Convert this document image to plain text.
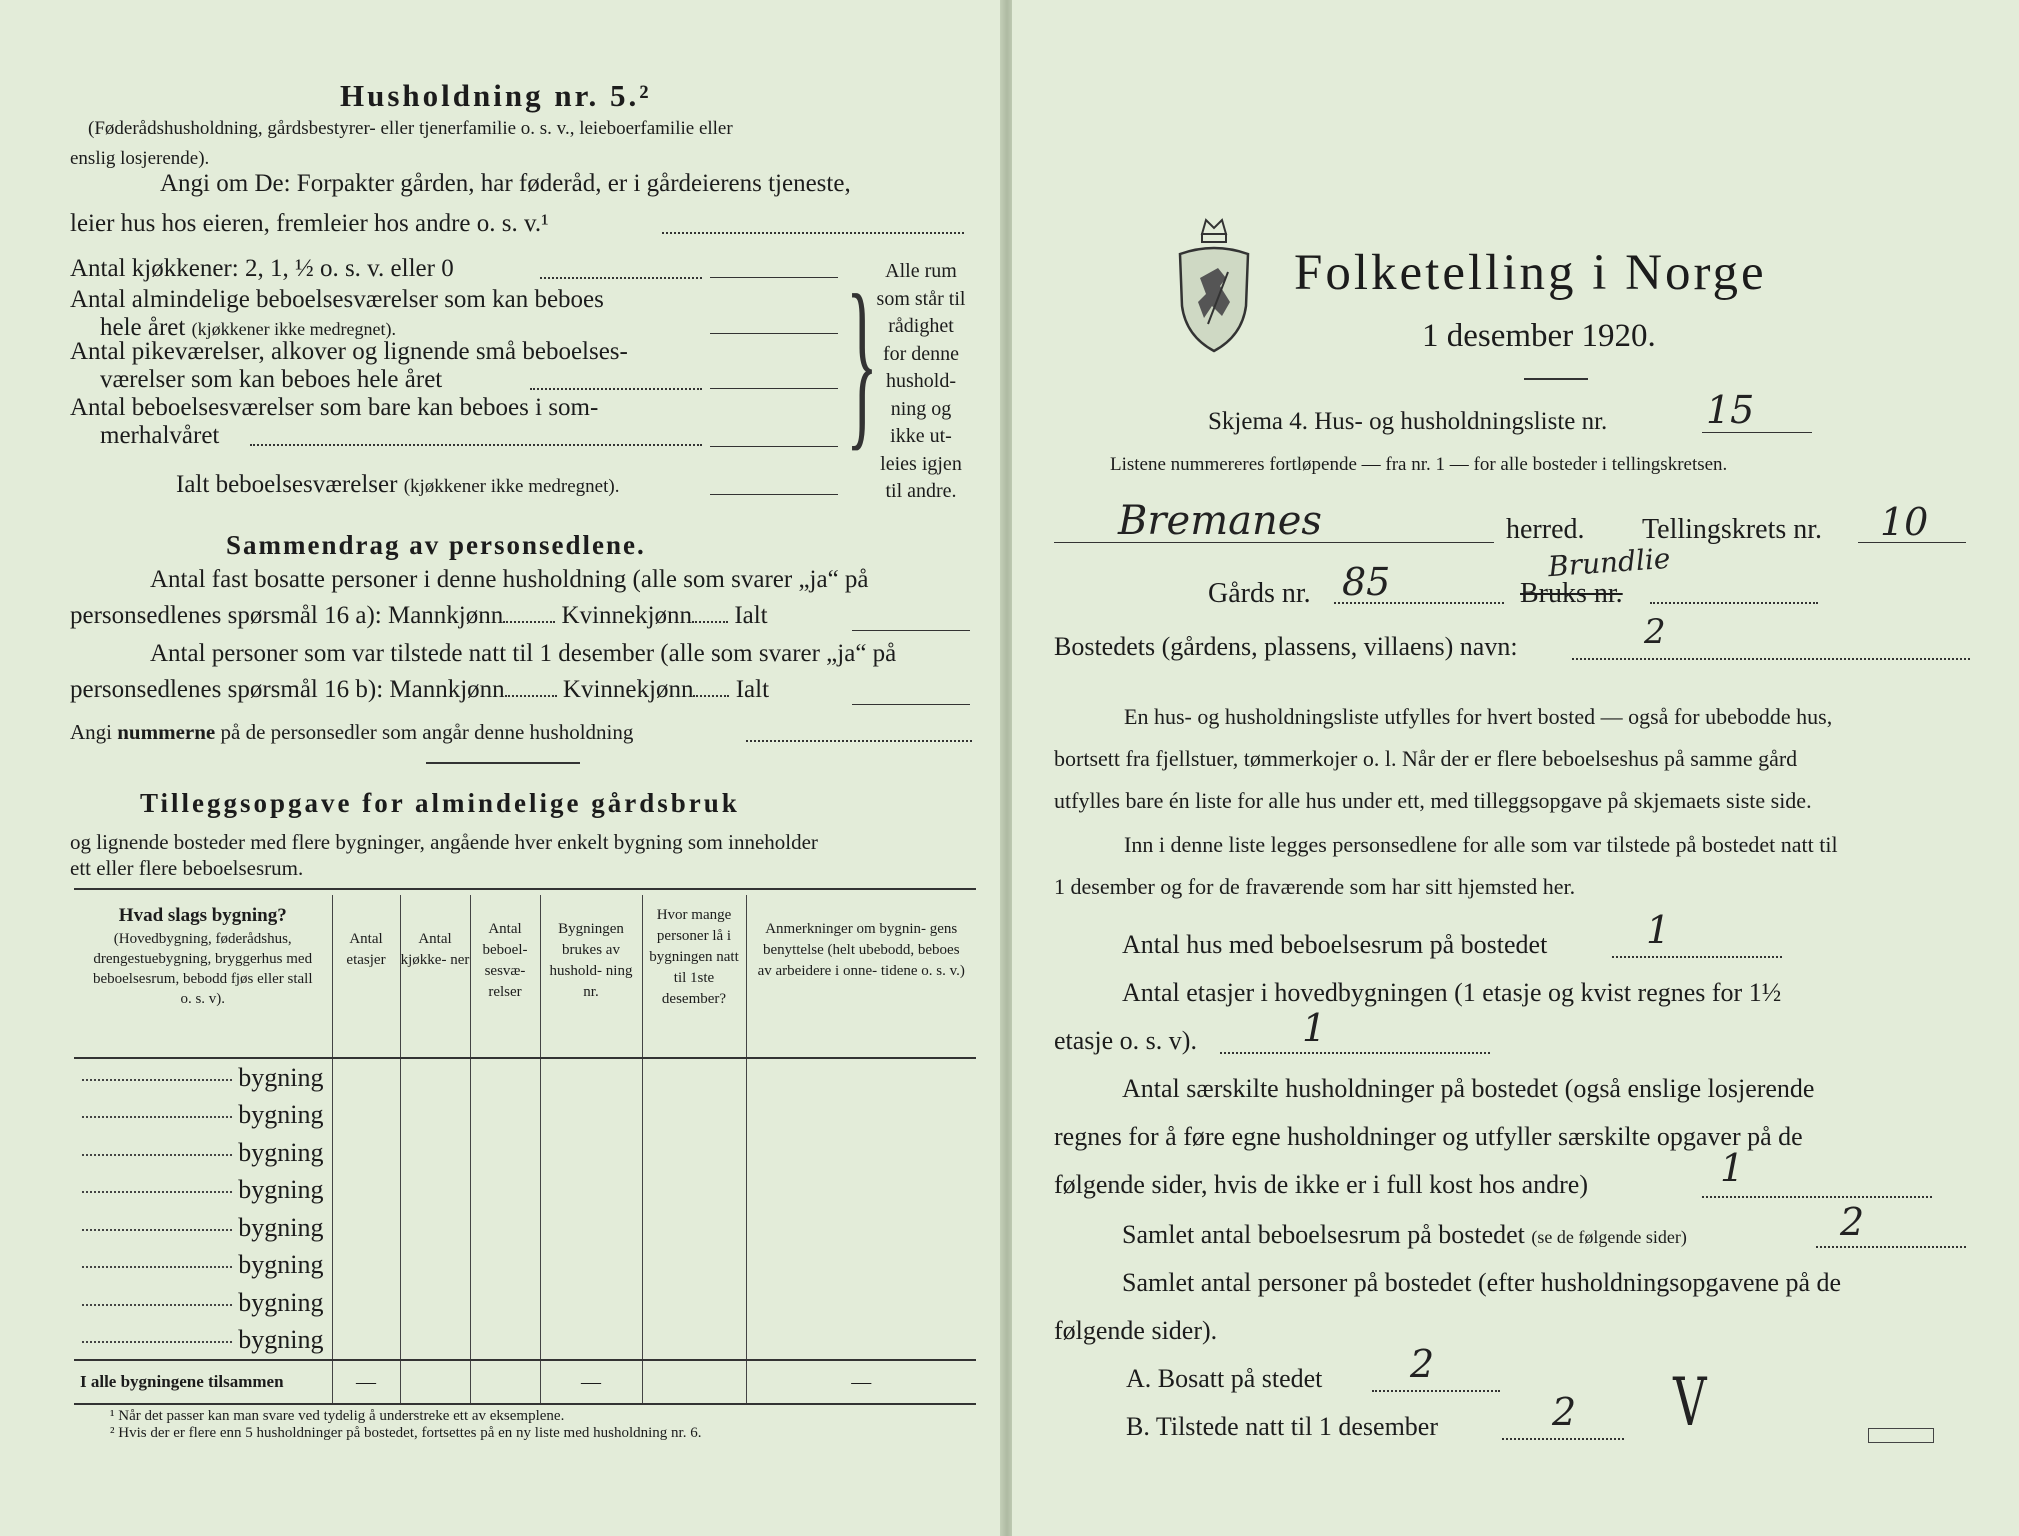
Husholdning nr. 5.²
(Føderådshusholdning, gårdsbestyrer- eller tjenerfamilie o. s. v., leieboerfamilie eller
enslig losjerende).
Angi om De: Forpakter gården, har føderåd, er i gårdeierens tjeneste,
leier hus hos eieren, fremleier hos andre o. s. v.¹
Antal kjøkkener: 2, 1, ½ o. s. v. eller 0
Antal almindelige beboelsesværelser som kan beboes
hele året (kjøkkener ikke medregnet).
Antal pikeværelser, alkover og lignende små beboelses-
værelser som kan beboes hele året
Antal beboelsesværelser som bare kan beboes i som-
merhalvåret	} Alle rum
som står til
rådighet
for denne
hushold-
ning og
ikke ut-
leies igjen
til andre.
Ialt beboelsesværelser (kjøkkener ikke medregnet).
Sammendrag av personsedlene.
Antal fast bosatte personer i denne husholdning (alle som svarer „ja“ på
personsedlenes spørsmål 16 a): Mannkjønn Kvinnekjønn Ialt
Antal personer som var tilstede natt til 1 desember (alle som svarer „ja“ på
personsedlenes spørsmål 16 b): Mannkjønn Kvinnekjønn Ialt
Angi nummerne på de personsedler som angår denne husholdning
Tilleggsopgave for almindelige gårdsbruk
og lignende bosteder med flere bygninger, angående hver enkelt bygning som inneholder
ett eller flere beboelsesrum.
Hvad slags bygning?
(Hovedbygning, føderådshus, drengestuebygning, bryggerhus med beboelsesrum, bebodd fjøs eller stall o. s. v).	Antal etasjer	Antal kjøkke- ner	Antal beboel- sesvæ- relser	Bygningen brukes av hushold- ning nr.	Hvor mange personer lå i bygningen natt til 1ste desember?	Anmerkninger om bygnin- gens benyttelse (helt ubebodd, beboes av arbeidere i onne- tidene o. s. v.)
bygning						
bygning						
bygning						
bygning						
bygning						
bygning						
bygning						
bygning						
I alle bygningene tilsammen	—			—		—
¹ Når det passer kan man svare ved tydelig å understreke ett av eksemplene.
² Hvis der er flere enn 5 husholdninger på bostedet, fortsettes på en ny liste med husholdning nr. 6.
Folketelling i Norge
1 desember 1920.
Skjema 4. Hus- og husholdningsliste nr.	15
Listene nummereres fortløpende — fra nr. 1 — for alle bosteder i tellingskretsen.
Bremanes	herred. Tellingskrets nr. 10
Gårds nr. 85	Bruks nr.
Brundlie
Bostedets (gårdens, plassens, villaens) navn:	2
En hus- og husholdningsliste utfylles for hvert bosted — også for ubebodde hus,
bortsett fra fjellstuer, tømmerkojer o. l. Når der er flere beboelseshus på samme gård
utfylles bare én liste for alle hus under ett, med tilleggsopgave på skjemaets siste side.
Inn i denne liste legges personsedlene for alle som var tilstede på bostedet natt til
1 desember og for de fraværende som har sitt hjemsted her.
Antal hus med beboelsesrum på bostedet	1
Antal etasjer i hovedbygningen (1 etasje og kvist regnes for 1½
etasje o. s. v).	1
Antal særskilte husholdninger på bostedet (også enslige losjerende
regnes for å føre egne husholdninger og utfyller særskilte opgaver på de
følgende sider, hvis de ikke er i full kost hos andre)	1
Samlet antal beboelsesrum på bostedet (se de følgende sider)	2
Samlet antal personer på bostedet (efter husholdningsopgavene på de
følgende sider).
A. Bosatt på stedet 2
B. Tilstede natt til 1 desember	2 V
